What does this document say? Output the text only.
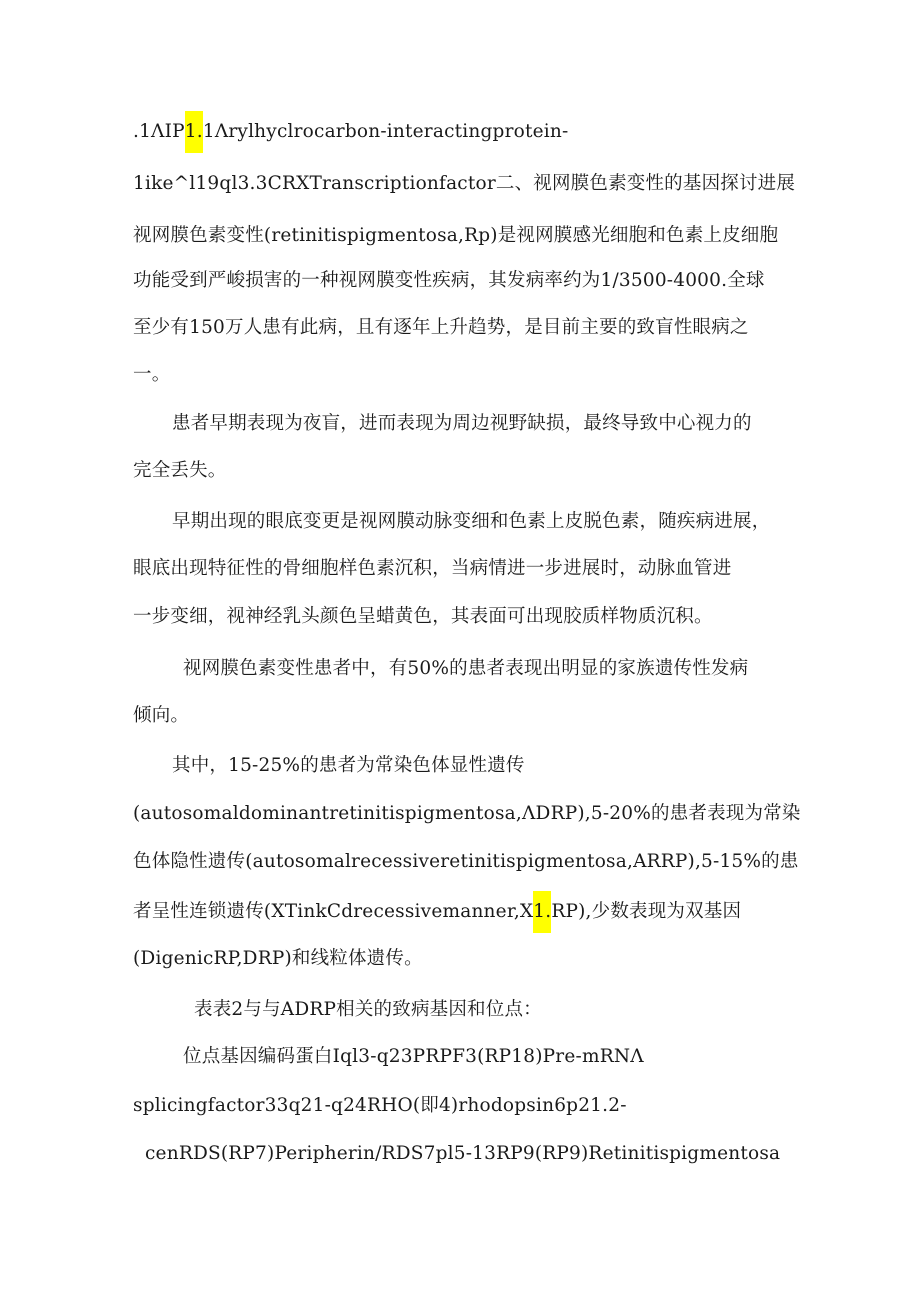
.1ΛIP1.1Λrylhyclrocarbon-interactingprotein-
1ike^l19ql3.3CRXTranscriptionfactor二、视网膜色素变性的基因探讨进展
视网膜色素变性(retinitispigmentosa,Rp)是视网膜感光细胞和色素上皮细胞
功能受到严峻损害的一种视网膜变性疾病，其发病率约为1/3500-4000.全球
至少有150万人患有此病，且有逐年上升趋势，是目前主要的致盲性眼病之
一。
患者早期表现为夜盲，进而表现为周边视野缺损，最终导致中心视力的
完全丢失。
早期出现的眼底变更是视网膜动脉变细和色素上皮脱色素，随疾病进展，
眼底出现特征性的骨细胞样色素沉积，当病情进一步进展时，动脉血管进
一步变细，视神经乳头颜色呈蜡黄色，其表面可出现胶质样物质沉积。
视网膜色素变性患者中，有50%的患者表现出明显的家族遗传性发病
倾向。
其中，15-25%的患者为常染色体显性遗传
(autosomaldominantretinitispigmentosa,ΛDRP),5-20%的患者表现为常染
色体隐性遗传(autosomalrecessiveretinitispigmentosa,ARRP),5-15%的患
者呈性连锁遗传(XTinkCdrecessivemanner,X1.RP),少数表现为双基因
(DigenicRP,DRP)和线粒体遗传。
表表2与与ADRP相关的致病基因和位点：
位点基因编码蛋白Iql3-q23PRPF3(RP18)Pre-mRNΛ
splicingfactor33q21-q24RHO(即4)rhodopsin6p21.2-
cenRDS(RP7)Peripherin/RDS7pl5-13RP9(RP9)Retinitispigmentosa
